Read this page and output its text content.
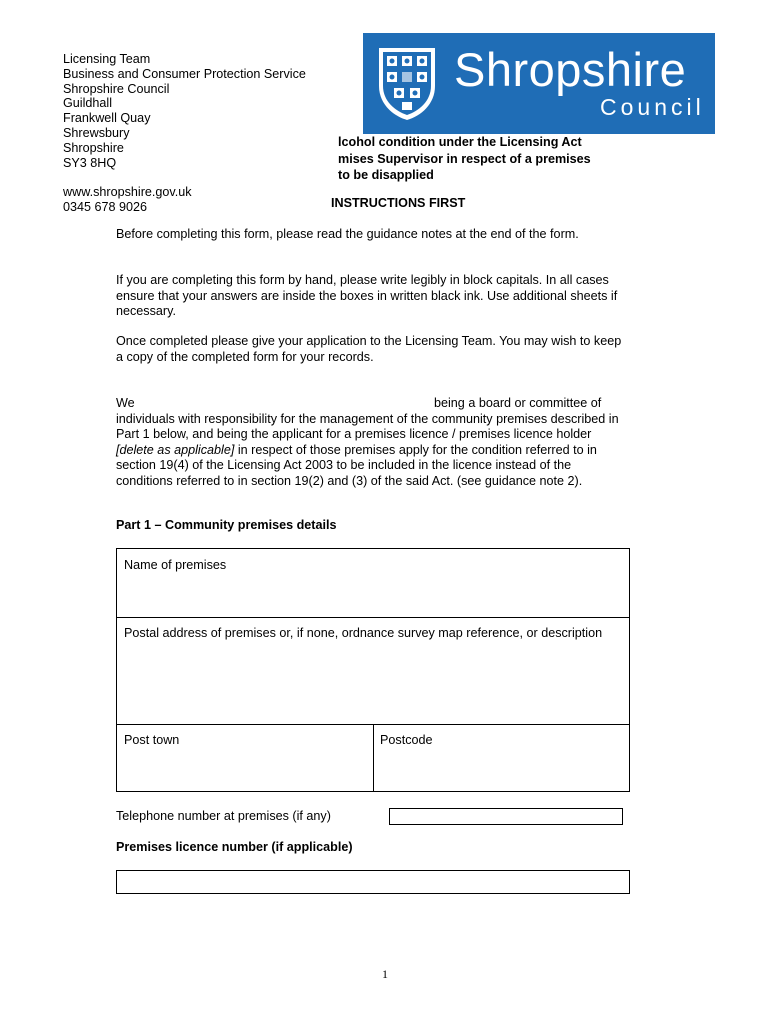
Licensing Team
Business and Consumer Protection Service
Shropshire Council
Guildhall
Frankwell Quay
Shrewsbury
Shropshire
SY3 8HQ
www.shropshire.gov.uk
0345 678 9026
Shropshire
Council
lcohol condition under the Licensing Act
mises Supervisor in respect of a premises
to be disapplied
INSTRUCTIONS FIRST
Before completing this form, please read the guidance notes at the end of the form.
If you are completing this form by hand, please write legibly in block capitals. In all cases ensure that your answers are inside the boxes in written black ink. Use additional sheets if necessary.
Once completed please give your application to the Licensing Team. You may wish to keep a copy of the completed form for your records.
We	being a board or committee of
individuals with responsibility for the management of the community premises described in Part 1 below, and being the applicant for a premises licence / premises licence holder [delete as applicable] in respect of those premises apply for the condition referred to in section 19(4) of the Licensing Act 2003 to be included in the licence instead of the conditions referred to in section 19(2) and (3) of the said Act. (see guidance note 2).
Part 1 – Community premises details
Name of premises
Postal address of premises or, if none, ordnance survey map reference, or description
Post town	Postcode
Telephone number at premises (if any)
Premises licence number (if applicable)
1
